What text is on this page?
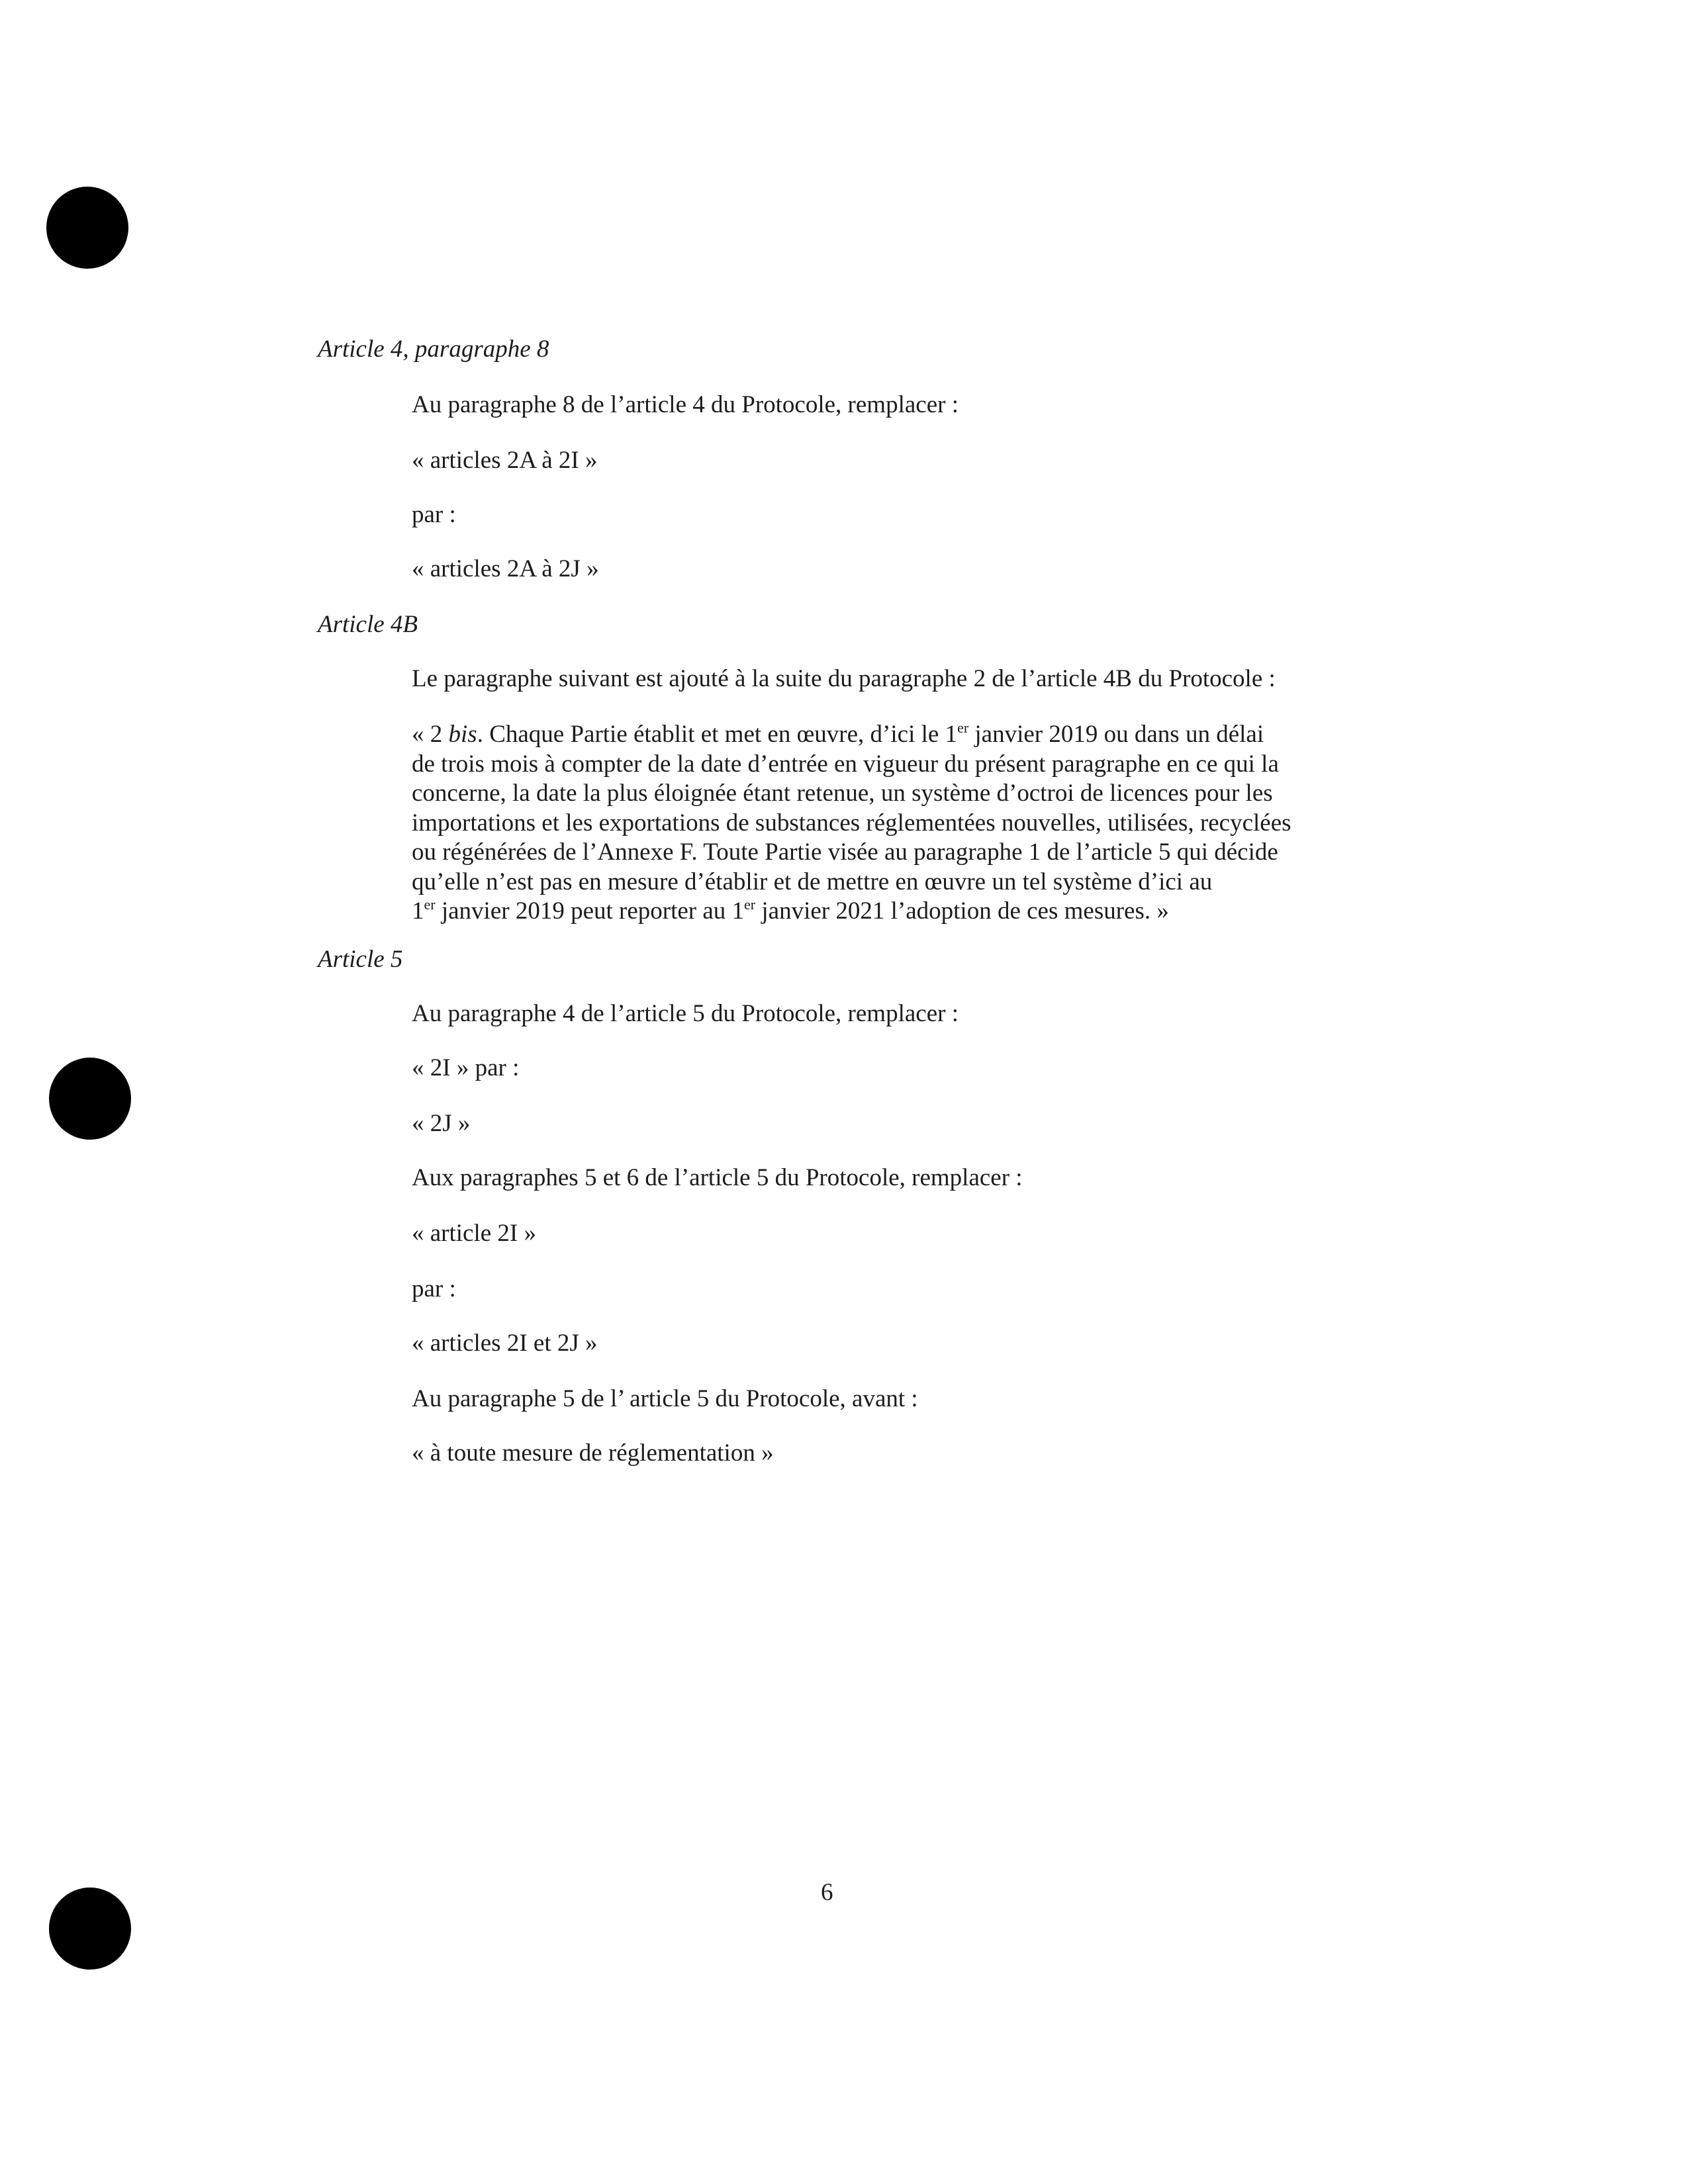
Article 4, paragraphe 8
Au paragraphe 8 de l’article 4 du Protocole, remplacer :
« articles 2A à 2I »
par :
« articles 2A à 2J »
Article 4B
Le paragraphe suivant est ajouté à la suite du paragraphe 2 de l’article 4B du Protocole :
« 2 bis. Chaque Partie établit et met en œuvre, d’ici le 1er janvier 2019 ou dans un délai
de trois mois à compter de la date d’entrée en vigueur du présent paragraphe en ce qui la
concerne, la date la plus éloignée étant retenue, un système d’octroi de licences pour les
importations et les exportations de substances réglementées nouvelles, utilisées, recyclées
ou régénérées de l’Annexe F. Toute Partie visée au paragraphe 1 de l’article 5 qui décide
qu’elle n’est pas en mesure d’établir et de mettre en œuvre un tel système d’ici au
1er janvier 2019 peut reporter au 1er janvier 2021 l’adoption de ces mesures. »
Article 5
Au paragraphe 4 de l’article 5 du Protocole, remplacer :
« 2I » par :
« 2J »
Aux paragraphes 5 et 6 de l’article 5 du Protocole, remplacer :
« article 2I »
par :
« articles 2I et 2J »
Au paragraphe 5 de l’ article 5 du Protocole, avant :
« à toute mesure de réglementation »
6
